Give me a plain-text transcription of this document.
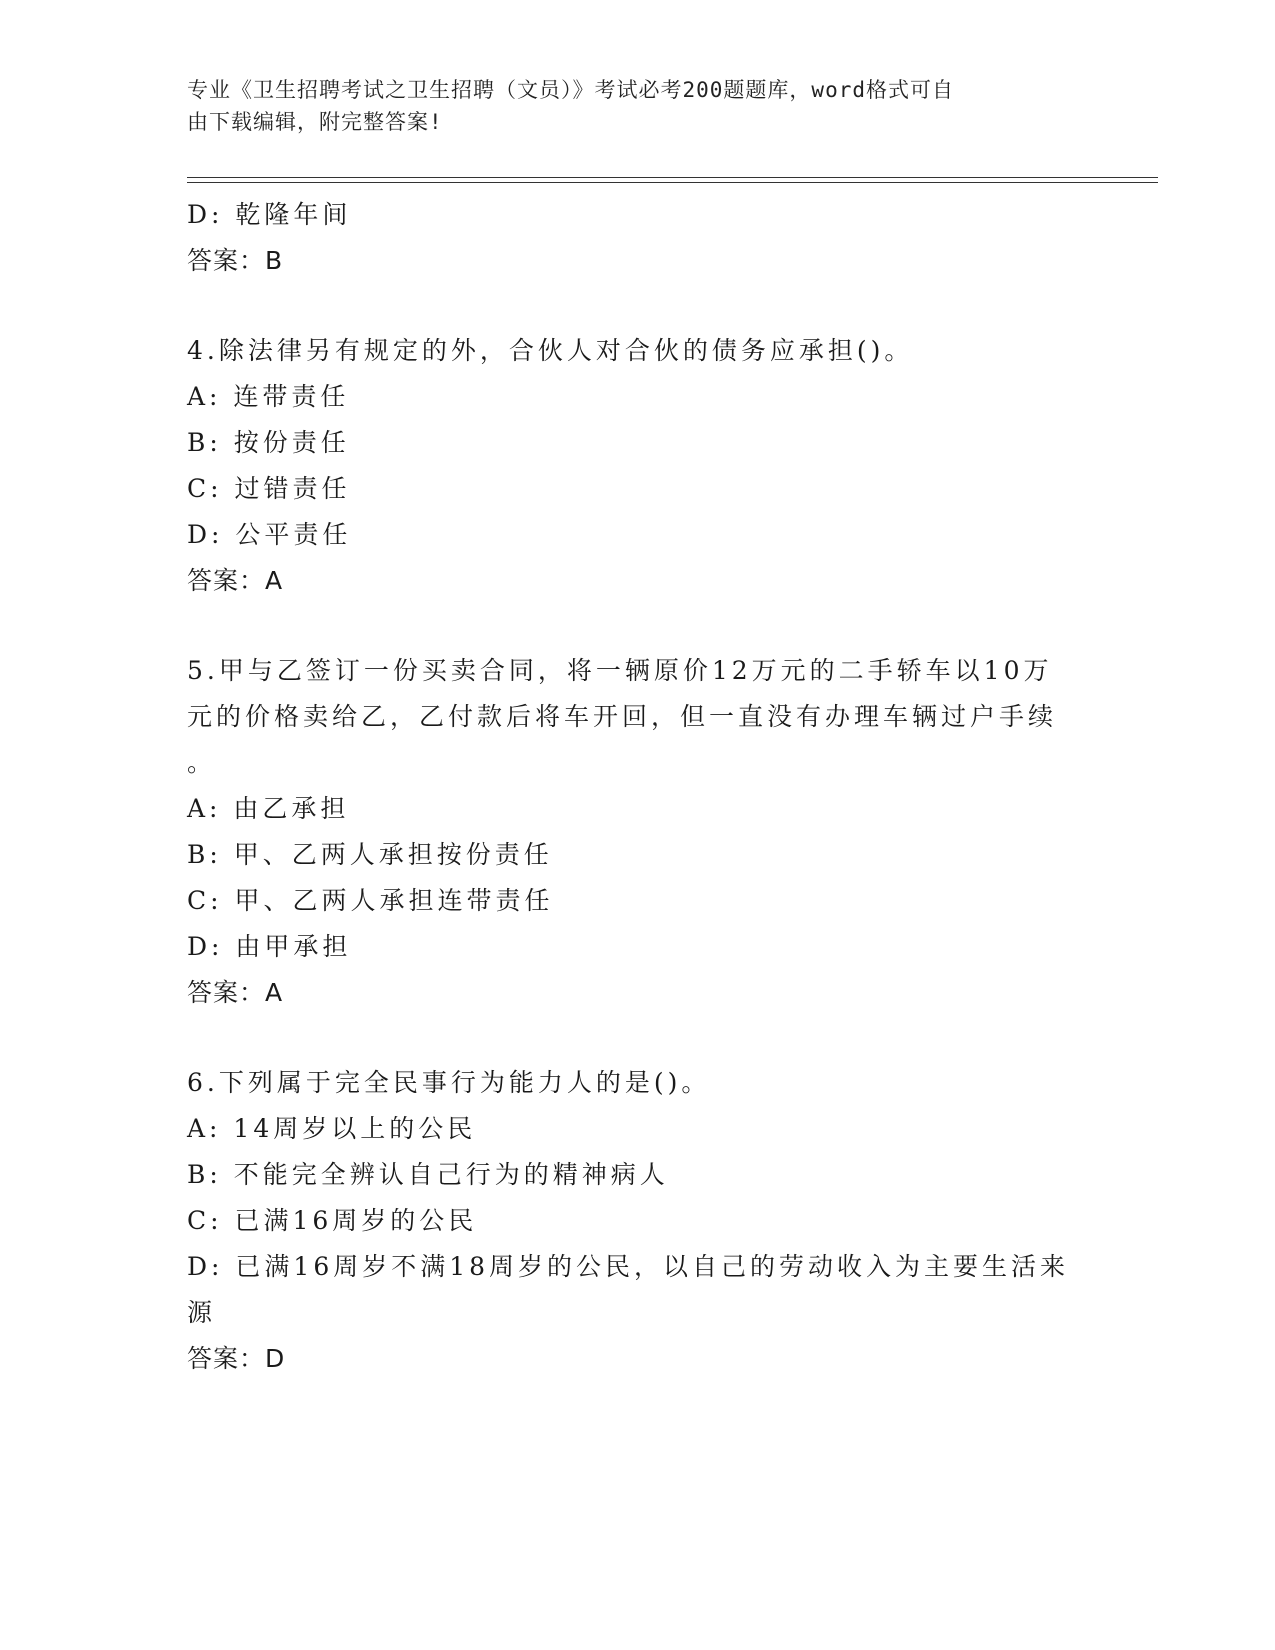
专业《卫生招聘考试之卫生招聘（文员）》考试必考200题题库，word格式可自
由下载编辑，附完整答案!
D: 乾隆年间
答案：B
4.除法律另有规定的外，合伙人对合伙的债务应承担()。
A: 连带责任
B: 按份责任
C: 过错责任
D: 公平责任
答案：A
5.甲与乙签订一份买卖合同，将一辆原价12万元的二手轿车以10万
元的价格卖给乙，乙付款后将车开回，但一直没有办理车辆过户手续
。
A: 由乙承担
B: 甲、乙两人承担按份责任
C: 甲、乙两人承担连带责任
D: 由甲承担
答案：A
6.下列属于完全民事行为能力人的是()。
A: 14周岁以上的公民
B: 不能完全辨认自己行为的精神病人
C: 已满16周岁的公民
D: 已满16周岁不满18周岁的公民，以自己的劳动收入为主要生活来
源
答案：D
